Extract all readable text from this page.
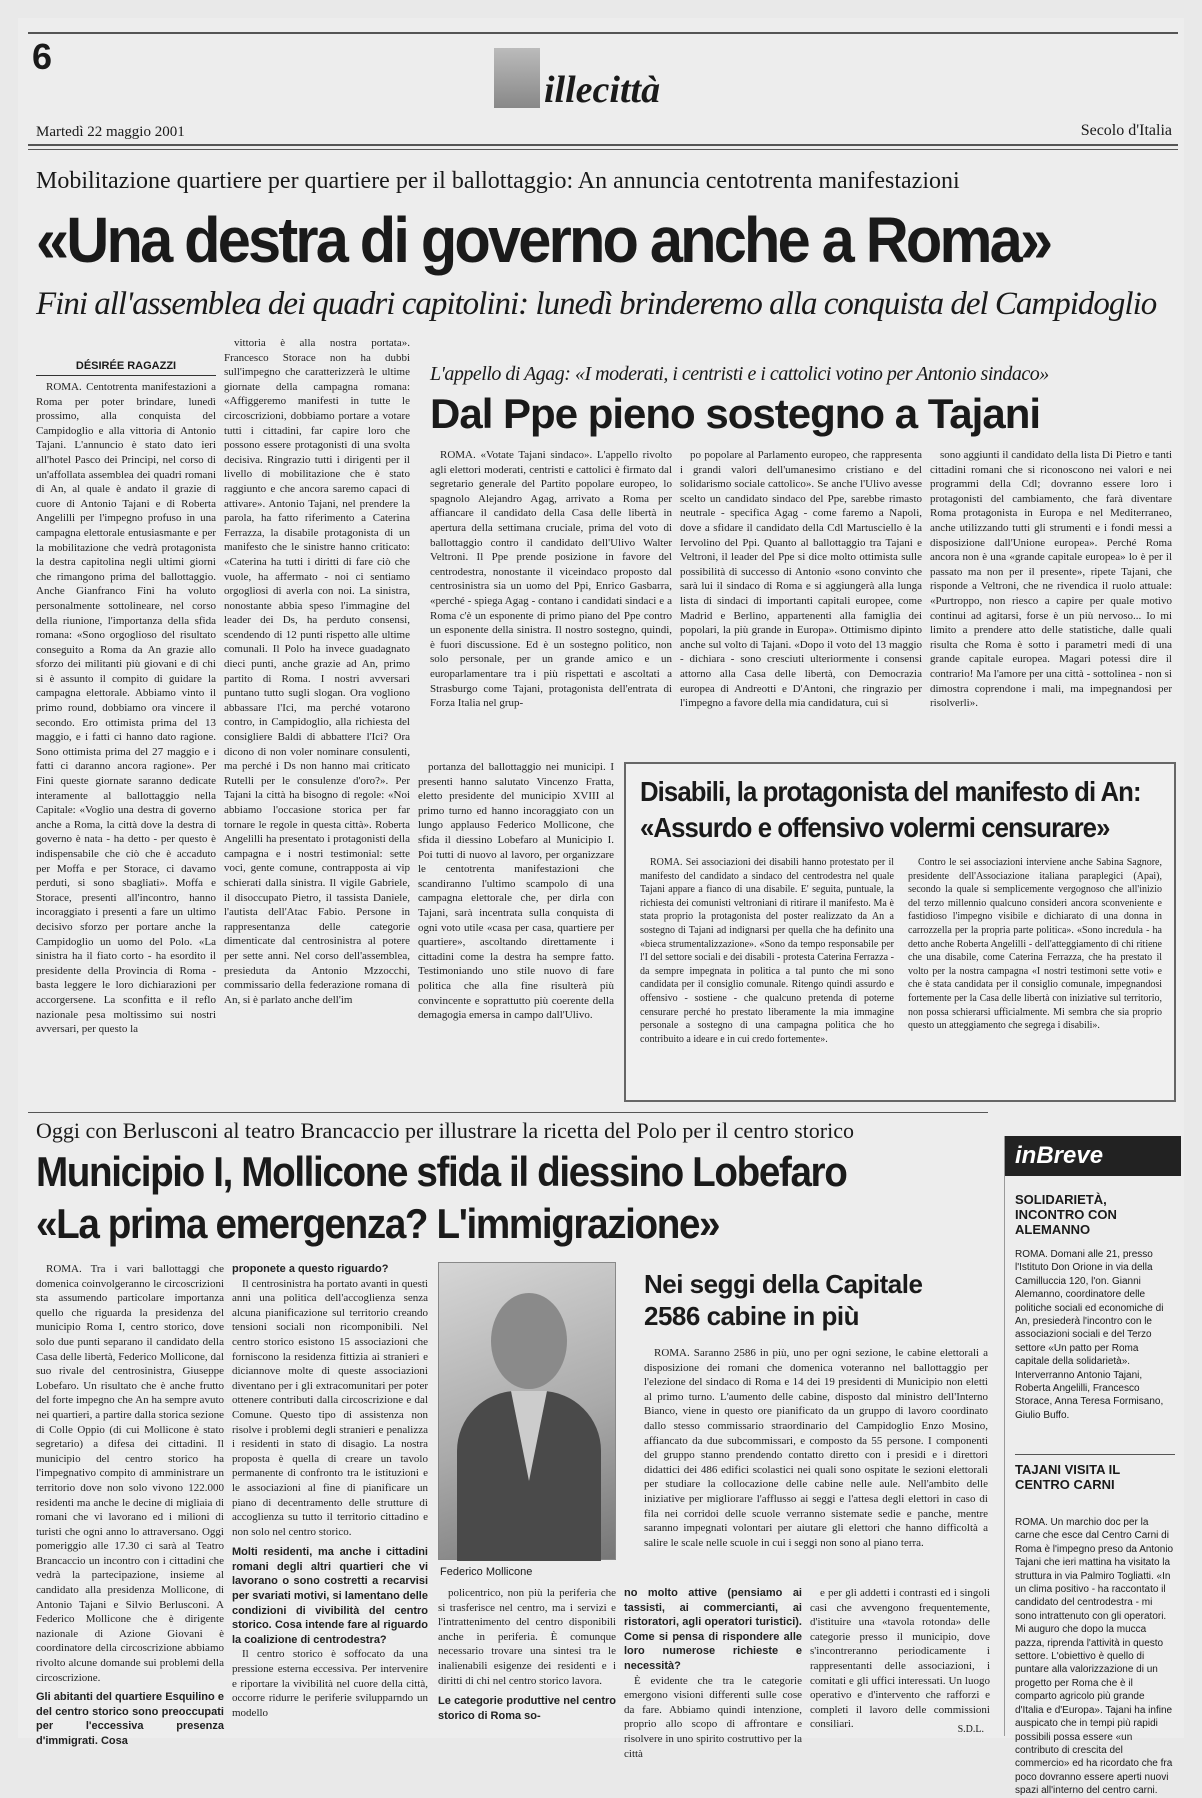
6
illecittà
Martedì 22 maggio 2001	Secolo d'Italia
Mobilitazione quartiere per quartiere per il ballottaggio: An annuncia centotrenta manifestazioni
«Una destra di governo anche a Roma»
Fini all'assemblea dei quadri capitolini: lunedì brinderemo alla conquista del Campidoglio
DÉSIRÉE RAGAZZI

ROMA. Centotrenta manifestazioni a Roma per poter brindare, lunedì prossimo, alla conquista del Campidoglio e alla vittoria di Antonio Tajani. L'annuncio è stato dato ieri all'hotel Pasco dei Principi, nel corso di un'affollata assemblea dei quadri romani di An, al quale è andato il grazie di cuore di Antonio Tajani e di Roberta Angelilli per l'impegno profuso in una campagna elettorale entusiasmante e per la mobilitazione che vedrà protagonista la destra capitolina negli ultimi giorni che rimangono prima del ballottaggio. Anche Gianfranco Fini ha voluto personalmente sottolineare, nel corso della riunione, l'importanza della sfida romana: «Sono orgoglioso del risultato conseguito a Roma da An grazie allo sforzo dei militanti più giovani e di chi si è assunto il compito di guidare la campagna elettorale. Abbiamo vinto il primo round, dobbiamo ora vincere il secondo. Ero ottimista prima del 13 maggio, e i fatti ci hanno dato ragione. Sono ottimista prima del 27 maggio e i fatti ci daranno ancora ragione». Per Fini queste giornate saranno dedicate interamente al ballottaggio nella Capitale: «Voglio una destra di governo anche a Roma, la città dove la destra di governo è nata - ha detto - per questo è indispensabile che ciò che è accaduto per Moffa e per Storace, ci davamo perduti, si sono sbagliati». Moffa e Storace, presenti all'incontro, hanno incoraggiato i presenti a fare un ultimo decisivo sforzo per portare anche la Campidoglio un uomo del Polo. «La sinistra ha il fiato corto - ha esordito il presidente della Provincia di Roma - basta leggere le loro dichiarazioni per accorgersene. La sconfitta e il reflo nazionale pesa moltissimo sui nostri avversari, per questo la

vittoria è alla nostra portata». Francesco Storace non ha dubbi sull'impegno che caratterizzerà le ultime giornate della campagna romana: «Affiggeremo manifesti in tutte le circoscrizioni, dobbiamo portare a votare tutti i cittadini, far capire loro che possono essere protagonisti di una svolta decisiva. Ringrazio tutti i dirigenti per il livello di mobilitazione che è stato raggiunto e che ancora saremo capaci di attivare». Antonio Tajani, nel prendere la parola, ha fatto riferimento a Caterina Ferrazza, la disabile protagonista di un manifesto che le sinistre hanno criticato: «Caterina ha tutti i diritti di fare ciò che vuole, ha affermato - noi ci sentiamo orgogliosi di averla con noi. La sinistra, nonostante abbia speso l'immagine del leader dei Ds, ha perduto consensi, scendendo di 12 punti rispetto alle ultime comunali. Il Polo ha invece guadagnato dieci punti, anche grazie ad An, primo partito di Roma. I nostri avversari puntano tutto sugli slogan. Ora vogliono abbassare l'Ici, ma perché votarono contro, in Campidoglio, alla richiesta del consigliere Baldi di abbattere l'Ici? Ora dicono di non voler nominare consulenti, ma perché i Ds non hanno mai criticato Rutelli per le consulenze d'oro?». Per Tajani la città ha bisogno di regole: «Noi abbiamo l'occasione storica per far tornare le regole in questa città». Roberta Angelilli ha presentato i protagonisti della campagna e i nostri testimonial: sette voci, gente comune, contrapposta ai vip schierati dalla sinistra. Il vigile Gabriele, il disoccupato Pietro, il tassista Daniele, l'autista dell'Atac Fabio. Persone in rappresentanza delle categorie dimenticate dal centrosinistra al potere per sette anni. Nel corso dell'assemblea, presieduta da Antonio Mzzocchi, commissario della federazione romana di An, si è parlato anche dell'im

portanza del ballottaggio nei municipi. I presenti hanno salutato Vincenzo Fratta, eletto presidente del municipio XVIII al primo turno ed hanno incoraggiato con un lungo applauso Federico Mollicone, che sfida il diessino Lobefaro al Municipio I. Poi tutti di nuovo al lavoro, per organizzare le centotrenta manifestazioni che scandiranno l'ultimo scampolo di una campagna elettorale che, per dirla con Tajani, sarà incentrata sulla conquista di ogni voto utile «casa per casa, quartiere per quartiere», ascoltando direttamente i cittadini come la destra ha sempre fatto. Testimoniando uno stile nuovo di fare politica che alla fine risulterà più convincente e soprattutto più coerente della demagogia emersa in campo dall'Ulivo.

L'appello di Agag: «I moderati, i centristi e i cattolici votino per Antonio sindaco»
Dal Ppe pieno sostegno a Tajani

ROMA. «Votate Tajani sindaco». L'appello rivolto agli elettori moderati, centristi e cattolici è firmato dal segretario generale del Partito popolare europeo, lo spagnolo Alejandro Agag, arrivato a Roma per affiancare il candidato della Casa delle libertà in apertura della settimana cruciale, prima del voto di ballottaggio contro il candidato dell'Ulivo Walter Veltroni. Il Ppe prende posizione in favore del centrodestra, nonostante il viceindaco proposto dal centrosinistra sia un uomo del Ppi, Enrico Gasbarra, «perché - spiega Agag - contano i candidati sindaci e a Roma c'è un esponente di primo piano del Ppe contro un esponente della sinistra. Il nostro sostegno, quindi, è fuori discussione. Ed è un sostegno politico, non solo personale, per un grande amico e un europarlamentare tra i più rispettati e ascoltati a Strasburgo come Tajani, protagonista dell'entrata di Forza Italia nel grup-

po popolare al Parlamento europeo, che rappresenta i grandi valori dell'umanesimo cristiano e del solidarismo sociale cattolico». Se anche l'Ulivo avesse scelto un candidato sindaco del Ppe, sarebbe rimasto neutrale - specifica Agag - come faremo a Napoli, dove a sfidare il candidato della Cdl Martusciello è la Iervolino del Ppi. Quanto al ballottaggio tra Tajani e Veltroni, il leader del Ppe si dice molto ottimista sulle possibilità di successo di Antonio «sono convinto che sarà lui il sindaco di Roma e si aggiungerà alla lunga lista di sindaci di importanti capitali europee, come Madrid e Berlino, appartenenti alla famiglia dei popolari, la più grande in Europa». Ottimismo dipinto anche sul volto di Tajani. «Dopo il voto del 13 maggio - dichiara - sono cresciuti ulteriormente i consensi attorno alla Casa delle libertà, con Democrazia europea di Andreotti e D'Antoni, che ringrazio per l'impegno a favore della mia candidatura, cui si

sono aggiunti il candidato della lista Di Pietro e tanti cittadini romani che si riconoscono nei valori e nei programmi della Cdl; dovranno essere loro i protagonisti del cambiamento, che farà diventare Roma protagonista in Europa e nel Mediterraneo, anche utilizzando tutti gli strumenti e i fondi messi a disposizione dall'Unione europea». Perché Roma ancora non è una «grande capitale europea» lo è per il passato ma non per il presente», ripete Tajani, che risponde a Veltroni, che ne rivendica il ruolo attuale: «Purtroppo, non riesco a capire per quale motivo continui ad agitarsi, forse è un più nervoso... Io mi limito a prendere atto delle statistiche, dalle quali risulta che Roma è sotto i parametri medi di una grande capitale europea. Magari potessi dire il contrario! Ma l'amore per una città - sottolinea - non si dimostra coprendone i mali, ma impegnandosi per risolverli».

Disabili, la protagonista del manifesto di An:
«Assurdo e offensivo volermi censurare»

ROMA. Sei associazioni dei disabili hanno protestato per il manifesto del candidato a sindaco del centrodestra nel quale Tajani appare a fianco di una disabile. E' seguita, puntuale, la richiesta dei comunisti veltroniani di ritirare il manifesto. Ma è stata proprio la protagonista del poster realizzato da An a sostegno di Tajani ad indignarsi per quella che ha definito una «bieca strumentalizzazione». «Sono da tempo responsabile per l'I del settore sociali e dei disabili - protesta Caterina Ferrazza - da sempre impegnata in politica a tal punto che mi sono candidata per il consiglio comunale. Ritengo quindi assurdo e offensivo - sostiene - che qualcuno pretenda di poterne censurare perché ho prestato liberamente la mia immagine personale a sostegno di una campagna politica che ho contribuito a ideare e in cui credo fortemente».

Contro le sei associazioni interviene anche Sabina Sagnore, presidente dell'Associazione italiana paraplegici (Apai), secondo la quale si semplicemente vergognoso che all'inizio del terzo millennio qualcuno consideri ancora sconveniente e fastidioso l'impegno visibile e dichiarato di una donna in carrozzella per la propria parte politica». «Sono incredula - ha detto anche Roberta Angelilli - dell'atteggiamento di chi ritiene che una disabile, come Caterina Ferrazza, che ha prestato il volto per la nostra campagna «I nostri testimoni sette voti» e che è stata candidata per il consiglio comunale, impegnandosi fortemente per la Casa delle libertà con iniziative sul territorio, non possa schierarsi ufficialmente. Mi sembra che sia proprio questo un atteggiamento che segrega i disabili».

Oggi con Berlusconi al teatro Brancaccio per illustrare la ricetta del Polo per il centro storico
Municipio I, Mollicone sfida il diessino Lobefaro
«La prima emergenza? L'immigrazione»

ROMA. Tra i vari ballottaggi che domenica coinvolgeranno le circoscrizioni sta assumendo particolare importanza quello che riguarda la presidenza del municipio Roma I, centro storico, dove solo due punti separano il candidato della Casa delle libertà, Federico Mollicone, dal suo rivale del centrosinistra, Giuseppe Lobefaro. Un risultato che è anche frutto del forte impegno che An ha sempre avuto nei quartieri, a partire dalla storica sezione di Colle Oppio (di cui Mollicone è stato segretario) a difesa dei cittadini. Il municipio del centro storico ha l'impegnativo compito di amministrare un territorio dove non solo vivono 122.000 residenti ma anche le decine di migliaia di romani che vi lavorano ed i milioni di turisti che ogni anno lo attraversano. Oggi pomeriggio alle 17.30 ci sarà al Teatro Brancaccio un incontro con i cittadini che vedrà la partecipazione, insieme al candidato alla presidenza Mollicone, di Antonio Tajani e Silvio Berlusconi. A Federico Mollicone che è dirigente nazionale di Azione Giovani è coordinatore della circoscrizione abbiamo rivolto alcune domande sui problemi della circoscrizione.

Gli abitanti del quartiere Esquilino e del centro storico sono preoccupati per l'eccessiva presenza d'immigrati. Cosa
proponete a questo riguardo?

Il centrosinistra ha portato avanti in questi anni una politica dell'accoglienza senza alcuna pianificazione sul territorio creando tensioni sociali non ricomponibili. Nel centro storico esistono 15 associazioni che forniscono la residenza fittizia ai stranieri e diciannove molte di queste associazioni diventano per i gli extracomunitari per poter ottenere contributi dalla circoscrizione e dal Comune. Questo tipo di assistenza non risolve i problemi degli stranieri e penalizza i residenti in stato di disagio. La nostra proposta è quella di creare un tavolo permanente di confronto tra le istituzioni e le associazioni al fine di pianificare un piano di decentramento delle strutture di accoglienza su tutto il territorio cittadino e non solo nel centro storico.

Molti residenti, ma anche i cittadini romani degli altri quartieri che vi lavorano o sono costretti a recarvisi per svariati motivi, si lamentano delle condizioni di vivibilità del centro storico. Cosa intende fare al riguardo la coalizione di centrodestra?

Il centro storico è soffocato da una pressione esterna eccessiva. Per intervenire e riportare la vivibilità nel cuore della città, occorre ridurre le periferie svilupparndo un modello

Federico Mollicone

policentrico, non più la periferia che si trasferisce nel centro, ma i servizi e l'intrattenimento del centro disponibili anche in periferia. È comunque necessario trovare una sintesi tra le inalienabili esigenze dei residenti e i diritti di chi nel centro storico lavora.

Le categorie produttive nel centro storico di Roma so-
no molto attive (pensiamo ai tassisti, ai commercianti, ai ristoratori, agli operatori turistici). Come si pensa di rispondere alle loro numerose richieste e necessità?

È evidente che tra le categorie emergono visioni differenti sulle cose da fare. Abbiamo quindi intenzione, proprio allo scopo di affrontare e risolvere in uno spirito costruttivo per la città

e per gli addetti i contrasti ed i singoli casi che avvengono frequentemente, d'istituire una «tavola rotonda» delle categorie presso il municipio, dove s'incontreranno periodicamente i rappresentanti delle associazioni, i comitati e gli uffici interessati. Un luogo operativo e d'intervento che rafforzi e completi il lavoro delle commissioni consiliari.	S.D.L.
Nei seggi della Capitale 2586 cabine in più

ROMA. Saranno 2586 in più, uno per ogni sezione, le cabine elettorali a disposizione dei romani che domenica voteranno nel ballottaggio per l'elezione del sindaco di Roma e 14 dei 19 presidenti di Municipio non eletti al primo turno. L'aumento delle cabine, disposto dal ministro dell'Interno Bianco, viene in questo ore pianificato da un gruppo di lavoro coordinato dallo stesso commissario straordinario del Campidoglio Enzo Mosino, affiancato da due subcommissari, e composto da 55 persone. I componenti del gruppo stanno prendendo contatto diretto con i presidi e i direttori didattici dei 486 edifici scolastici nei quali sono ospitate le sezioni elettorali per studiare la collocazione delle cabine nelle aule. Nell'ambito delle iniziative per migliorare l'afflusso ai seggi e l'attesa degli elettori in caso di fila nei corridoi delle scuole verranno sistemate sedie e panche, mentre saranno impegnati volontari per aiutare gli elettori che hanno difficoltà a salire le scale nelle scuole in cui i seggi non sono al piano terra.

inBreve
SOLIDARIETÀ, INCONTRO CON ALEMANNO
ROMA. Domani alle 21, presso l'Istituto Don Orione in via della Camilluccia 120, l'on. Gianni Alemanno, coordinatore delle politiche sociali ed economiche di An, presiederà l'incontro con le associazioni sociali e del Terzo settore «Un patto per Roma capitale della solidarietà». Interverranno Antonio Tajani, Roberta Angelilli, Francesco Storace, Anna Teresa Formisano, Giulio Buffo.
TAJANI VISITA IL CENTRO CARNI
ROMA. Un marchio doc per la carne che esce dal Centro Carni di Roma è l'impegno preso da Antonio Tajani che ieri mattina ha visitato la struttura in via Palmiro Togliatti. «In un clima positivo - ha raccontato il candidato del centrodestra - mi sono intrattenuto con gli operatori. Mi auguro che dopo la mucca pazza, riprenda l'attività in questo settore. L'obiettivo è quello di puntare alla valorizzazione di un progetto per Roma che è il comparto agricolo più grande d'Italia e d'Europa». Tajani ha infine auspicato che in tempi più rapidi possibili possa essere «un contributo di crescita del commercio» ed ha ricordato che fra poco dovranno essere aperti nuovi spazi all'interno del centro carni.
